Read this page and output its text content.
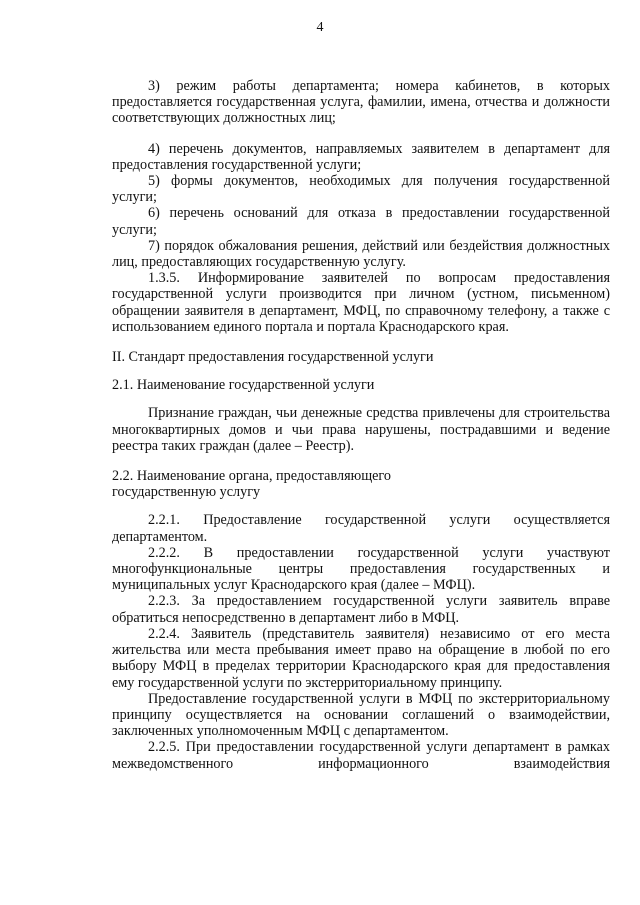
4

3) режим работы департамента; номера кабинетов, в которых предоставляется государственная услуга, фамилии, имена, отчества и должности соответствующих должностных лиц;

4) перечень документов, направляемых заявителем в департамент для предоставления государственной услуги;

5) формы документов, необходимых для получения государственной услуги;

6) перечень оснований для отказа в предоставлении государственной услуги;

7) порядок обжалования решения, действий или бездействия должностных лиц, предоставляющих государственную услугу.

1.3.5. Информирование заявителей по вопросам предоставления государственной услуги производится при личном (устном, письменном) обращении заявителя в департамент, МФЦ, по справочному телефону, а также с использованием единого портала и портала Краснодарского края.

II. Стандарт предоставления государственной услуги

2.1. Наименование государственной услуги

Признание граждан, чьи денежные средства привлечены для строительства многоквартирных домов и чьи права нарушены, пострадавшими и ведение реестра таких граждан (далее – Реестр).

2.2. Наименование органа, предоставляющего

государственную услугу

2.2.1. Предоставление государственной услуги осуществляется департаментом.

2.2.2. В предоставлении государственной услуги участвуют многофункциональные центры предоставления государственных и муниципальных услуг Краснодарского края (далее – МФЦ).

2.2.3. За предоставлением государственной услуги заявитель вправе обратиться непосредственно в департамент либо в МФЦ.

2.2.4. Заявитель (представитель заявителя) независимо от его места жительства или места пребывания имеет право на обращение в любой по его выбору МФЦ в пределах территории Краснодарского края для предоставления ему государственной услуги по экстерриториальному принципу.

Предоставление государственной услуги в МФЦ по экстерриториальному принципу осуществляется на основании соглашений о взаимодействии, заключенных уполномоченным МФЦ с департаментом.

2.2.5. При предоставлении государственной услуги департамент в рамках межведомственного информационного взаимодействия
